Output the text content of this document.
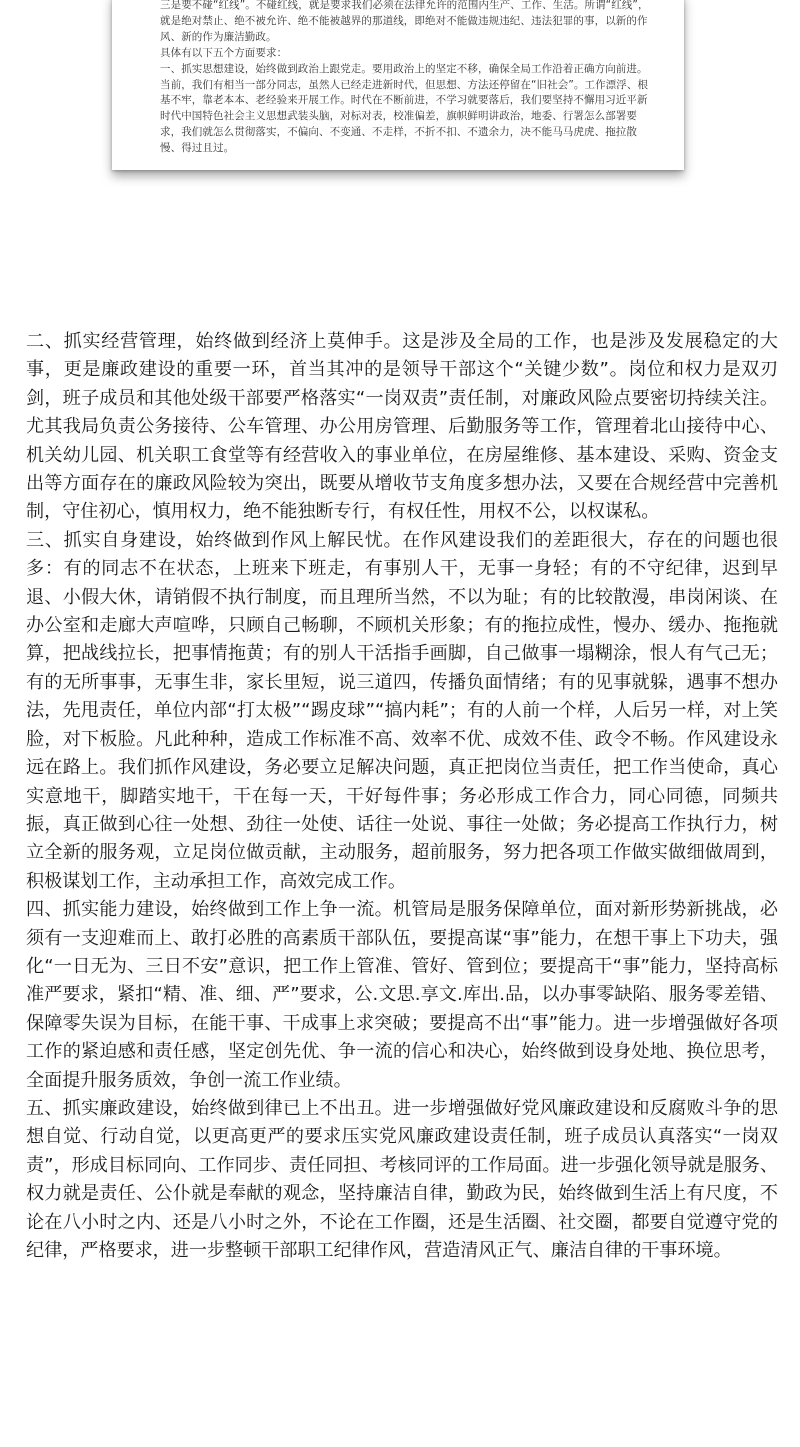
三是要不碰“红线”。不碰红线，就是要求我们必须在法律允许的范围内生产、工作、生活。所谓“红线”，就是绝对禁止、绝不被允许、绝不能被越界的那道线，即绝对不能做违规违纪、违法犯罪的事，以新的作风、新的作为廉洁勤政。

具体有以下五个方面要求：

一、抓实思想建设，始终做到政治上跟党走。要用政治上的坚定不移，确保全局工作沿着正确方向前进。当前，我们有相当一部分同志，虽然人已经走进新时代，但思想、方法还停留在“旧社会”。工作漂浮、根基不牢，靠老本本、老经验来开展工作。时代在不断前进，不学习就要落后，我们要坚持不懈用习近平新时代中国特色社会主义思想武装头脑，对标对表，校准偏差，旗帜鲜明讲政治，地委、行署怎么部署要求，我们就怎么贯彻落实，不偏向、不变通、不走样，不折不扣、不遗余力，决不能马马虎虎、拖拉散慢、得过且过。

二、抓实经营管理，始终做到经济上莫伸手。这是涉及全局的工作，也是涉及发展稳定的大事，更是廉政建设的重要一环，首当其冲的是领导干部这个“关键少数”。岗位和权力是双刃剑，班子成员和其他处级干部要严格落实“一岗双责”责任制，对廉政风险点要密切持续关注。尤其我局负责公务接待、公车管理、办公用房管理、后勤服务等工作，管理着北山接待中心、机关幼儿园、机关职工食堂等有经营收入的事业单位，在房屋维修、基本建设、采购、资金支出等方面存在的廉政风险较为突出，既要从增收节支角度多想办法，又要在合规经营中完善机制，守住初心，慎用权力，绝不能独断专行，有权任性，用权不公，以权谋私。

三、抓实自身建设，始终做到作风上解民忧。在作风建设我们的差距很大，存在的问题也很多：有的同志不在状态，上班来下班走，有事别人干，无事一身轻；有的不守纪律，迟到早退、小假大休，请销假不执行制度，而且理所当然，不以为耻；有的比较散漫，串岗闲谈、在办公室和走廊大声喧哗，只顾自己畅聊，不顾机关形象；有的拖拉成性，慢办、缓办、拖拖就算，把战线拉长，把事情拖黄；有的别人干活指手画脚，自己做事一塌糊涂，恨人有气己无；有的无所事事，无事生非，家长里短，说三道四，传播负面情绪；有的见事就躲，遇事不想办法，先甩责任，单位内部“打太极”“踢皮球”“搞内耗”；有的人前一个样，人后另一样，对上笑脸，对下板脸。凡此种种，造成工作标准不高、效率不优、成效不佳、政令不畅。作风建设永远在路上。我们抓作风建设，务必要立足解决问题，真正把岗位当责任，把工作当使命，真心实意地干，脚踏实地干，干在每一天，干好每件事；务必形成工作合力，同心同德，同频共振，真正做到心往一处想、劲往一处使、话往一处说、事往一处做；务必提高工作执行力，树立全新的服务观，立足岗位做贡献，主动服务，超前服务，努力把各项工作做实做细做周到，积极谋划工作，主动承担工作，高效完成工作。

四、抓实能力建设，始终做到工作上争一流。机管局是服务保障单位，面对新形势新挑战，必须有一支迎难而上、敢打必胜的高素质干部队伍，要提高谋“事”能力，在想干事上下功夫，强化“一日无为、三日不安”意识，把工作上管准、管好、管到位；要提高干“事”能力，坚持高标准严要求，紧扣“精、准、细、严”要求，公.文思.享文.库出.品，以办事零缺陷、服务零差错、保障零失误为目标，在能干事、干成事上求突破；要提高不出“事”能力。进一步增强做好各项工作的紧迫感和责任感，坚定创先优、争一流的信心和决心，始终做到设身处地、换位思考，全面提升服务质效，争创一流工作业绩。

五、抓实廉政建设，始终做到律已上不出丑。进一步增强做好党风廉政建设和反腐败斗争的思想自觉、行动自觉，以更高更严的要求压实党风廉政建设责任制，班子成员认真落实“一岗双责”，形成目标同向、工作同步、责任同担、考核同评的工作局面。进一步强化领导就是服务、权力就是责任、公仆就是奉献的观念，坚持廉洁自律，勤政为民，始终做到生活上有尺度，不论在八小时之内、还是八小时之外，不论在工作圈，还是生活圈、社交圈，都要自觉遵守党的纪律，严格要求，进一步整顿干部职工纪律作风，营造清风正气、廉洁自律的干事环境。
